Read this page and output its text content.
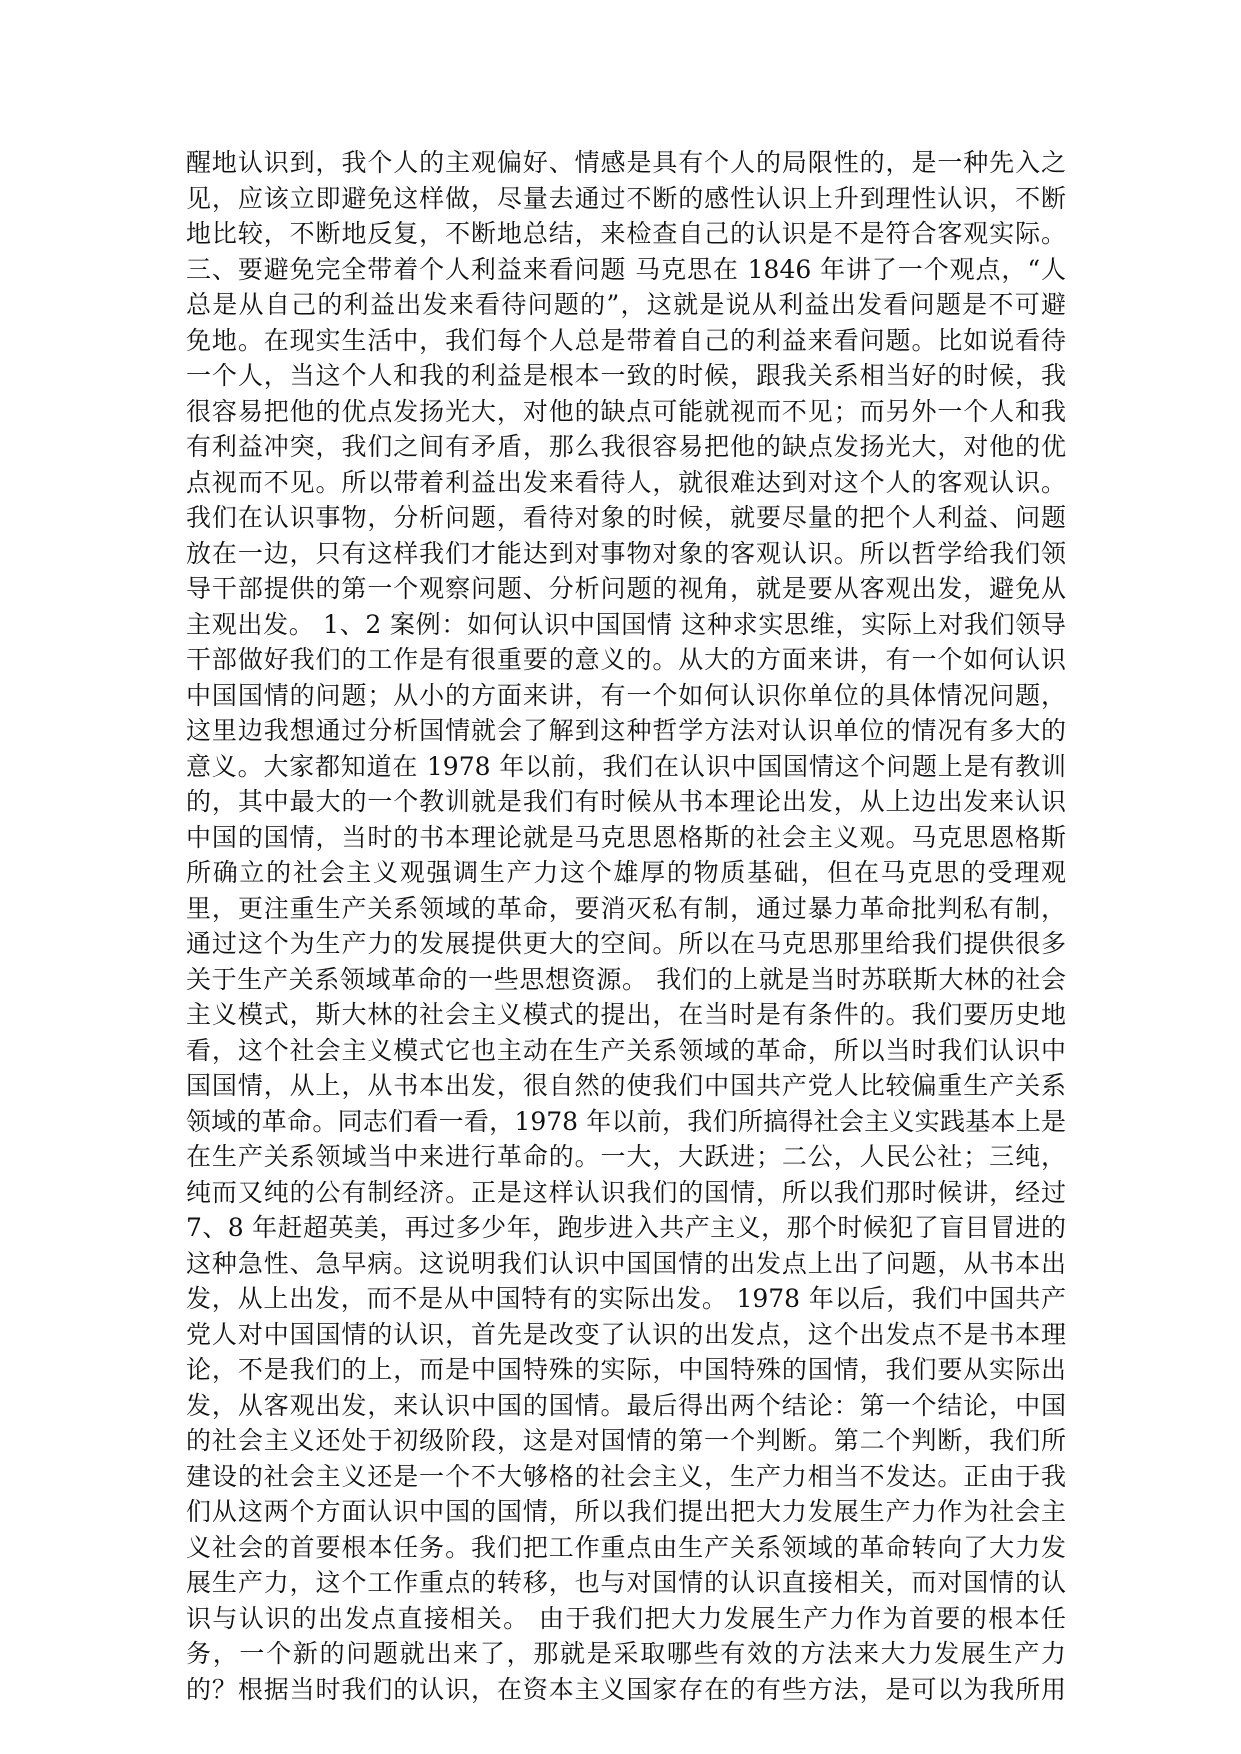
醒地认识到，我个人的主观偏好、情感是具有个人的局限性的，是一种先入之
见，应该立即避免这样做，尽量去通过不断的感性认识上升到理性认识，不断
地比较，不断地反复，不断地总结，来检查自己的认识是不是符合客观实际。
三、要避免完全带着个人利益来看问题 马克思在 1846 年讲了一个观点，“人
总是从自己的利益出发来看待问题的”，这就是说从利益出发看问题是不可避
免地。在现实生活中，我们每个人总是带着自己的利益来看问题。比如说看待
一个人，当这个人和我的利益是根本一致的时候，跟我关系相当好的时候，我
很容易把他的优点发扬光大，对他的缺点可能就视而不见；而另外一个人和我
有利益冲突，我们之间有矛盾，那么我很容易把他的缺点发扬光大，对他的优
点视而不见。所以带着利益出发来看待人，就很难达到对这个人的客观认识。
我们在认识事物，分析问题，看待对象的时候，就要尽量的把个人利益、问题
放在一边，只有这样我们才能达到对事物对象的客观认识。所以哲学给我们领
导干部提供的第一个观察问题、分析问题的视角，就是要从客观出发，避免从
主观出发。 1、2 案例：如何认识中国国情 这种求实思维，实际上对我们领导
干部做好我们的工作是有很重要的意义的。从大的方面来讲，有一个如何认识
中国国情的问题；从小的方面来讲，有一个如何认识你单位的具体情况问题，
这里边我想通过分析国情就会了解到这种哲学方法对认识单位的情况有多大的
意义。大家都知道在 1978 年以前，我们在认识中国国情这个问题上是有教训
的，其中最大的一个教训就是我们有时候从书本理论出发，从上边出发来认识
中国的国情，当时的书本理论就是马克思恩格斯的社会主义观。马克思恩格斯
所确立的社会主义观强调生产力这个雄厚的物质基础，但在马克思的受理观
里，更注重生产关系领域的革命，要消灭私有制，通过暴力革命批判私有制，
通过这个为生产力的发展提供更大的空间。所以在马克思那里给我们提供很多
关于生产关系领域革命的一些思想资源。 我们的上就是当时苏联斯大林的社会
主义模式，斯大林的社会主义模式的提出，在当时是有条件的。我们要历史地
看，这个社会主义模式它也主动在生产关系领域的革命，所以当时我们认识中
国国情，从上，从书本出发，很自然的使我们中国共产党人比较偏重生产关系
领域的革命。同志们看一看，1978 年以前，我们所搞得社会主义实践基本上是
在生产关系领域当中来进行革命的。一大，大跃进；二公，人民公社；三纯，
纯而又纯的公有制经济。正是这样认识我们的国情，所以我们那时候讲，经过
7、8 年赶超英美，再过多少年，跑步进入共产主义，那个时候犯了盲目冒进的
这种急性、急早病。这说明我们认识中国国情的出发点上出了问题，从书本出
发，从上出发，而不是从中国特有的实际出发。 1978 年以后，我们中国共产
党人对中国国情的认识，首先是改变了认识的出发点，这个出发点不是书本理
论，不是我们的上，而是中国特殊的实际，中国特殊的国情，我们要从实际出
发，从客观出发，来认识中国的国情。最后得出两个结论：第一个结论，中国
的社会主义还处于初级阶段，这是对国情的第一个判断。第二个判断，我们所
建设的社会主义还是一个不大够格的社会主义，生产力相当不发达。正由于我
们从这两个方面认识中国的国情，所以我们提出把大力发展生产力作为社会主
义社会的首要根本任务。我们把工作重点由生产关系领域的革命转向了大力发
展生产力，这个工作重点的转移，也与对国情的认识直接相关，而对国情的认
识与认识的出发点直接相关。 由于我们把大力发展生产力作为首要的根本任
务，一个新的问题就出来了，那就是采取哪些有效的方法来大力发展生产力
的？根据当时我们的认识，在资本主义国家存在的有些方法，是可以为我所用
